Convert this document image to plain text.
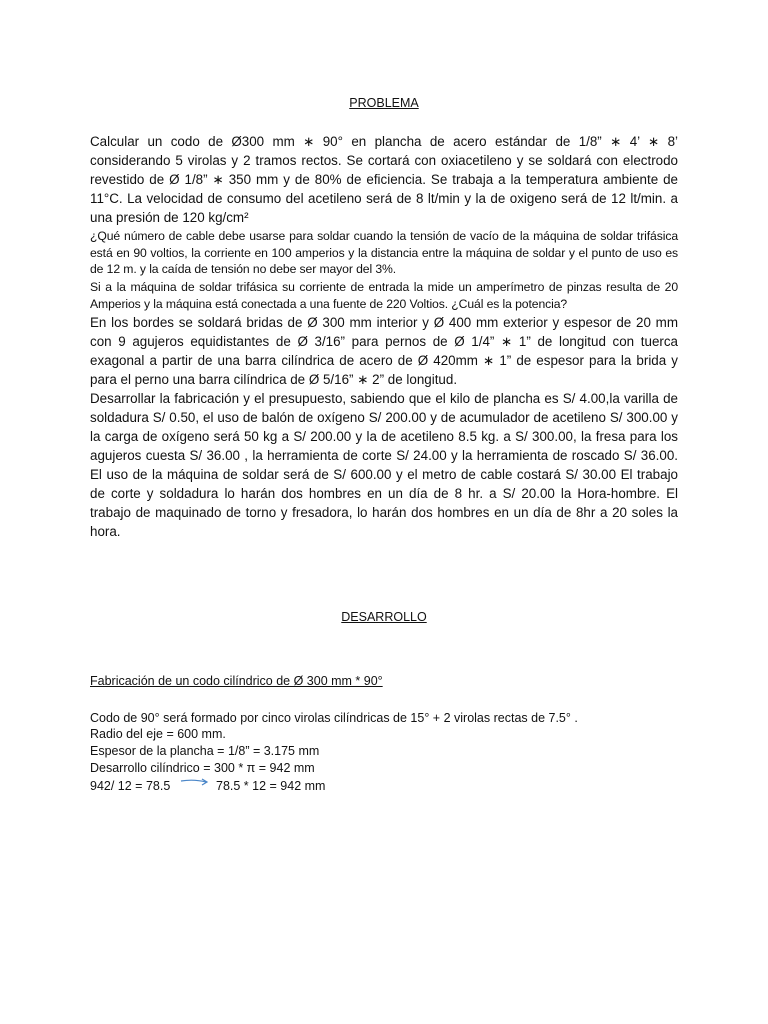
PROBLEMA

Calcular un codo de Ø300 mm ∗ 90° en plancha de acero estándar de 1/8” ∗ 4’ ∗ 8’ considerando 5 virolas y 2 tramos rectos. Se cortará con oxiacetileno y se soldará con electrodo revestido de Ø 1/8” ∗ 350 mm y de 80% de eficiencia. Se trabaja a la temperatura ambiente de 11°C. La velocidad de consumo del acetileno será de 8 lt/min y la de oxigeno será de 12 lt/min. a una presión de 120 kg/cm²

¿Qué número de cable debe usarse para soldar cuando la tensión de vacío de la máquina de soldar trifásica está en 90 voltios, la corriente en 100 amperios y la distancia entre la máquina de soldar y el punto de uso es de 12 m. y la caída de tensión no debe ser mayor del 3%.

Si a la máquina de soldar trifásica su corriente de entrada la mide un amperímetro de pinzas resulta de 20 Amperios y la máquina está conectada a una fuente de 220 Voltios. ¿Cuál es la potencia?

En los bordes se soldará bridas de Ø 300 mm interior y Ø 400 mm exterior y espesor de 20 mm con 9 agujeros equidistantes de Ø 3/16” para pernos de Ø 1/4” ∗ 1” de longitud con tuerca exagonal a partir de una barra cilíndrica de acero de Ø 420mm ∗ 1” de espesor para la brida y para el perno una barra cilíndrica de Ø 5/16” ∗ 2” de longitud.

Desarrollar la fabricación y el presupuesto, sabiendo que el kilo de plancha es S/ 4.00,la varilla de soldadura S/ 0.50, el uso de balón de oxígeno S/ 200.00 y de acumulador de acetileno S/ 300.00 y la carga de oxígeno será 50 kg a S/ 200.00 y la de acetileno 8.5 kg. a S/ 300.00, la fresa para los agujeros cuesta S/ 36.00 , la herramienta de corte S/ 24.00 y la herramienta de roscado S/ 36.00. El uso de la máquina de soldar será de S/ 600.00 y el metro de cable costará S/ 30.00 El trabajo de corte y soldadura lo harán dos hombres en un día de 8 hr. a S/ 20.00 la Hora-hombre. El trabajo de maquinado de torno y fresadora, lo harán dos hombres en un día de 8hr a 20 soles la hora.

DESARROLLO
Fabricación de un codo cilíndrico de Ø 300 mm * 90°

Codo de 90° será formado por cinco virolas cilíndricas de 15° + 2 virolas rectas de 7.5° .

Radio del eje = 600 mm.

Espesor de la plancha = 1/8” = 3.175 mm

Desarrollo cilíndrico = 300 * π = 942 mm

942/ 12 = 78.5	78.5 * 12 = 942 mm
